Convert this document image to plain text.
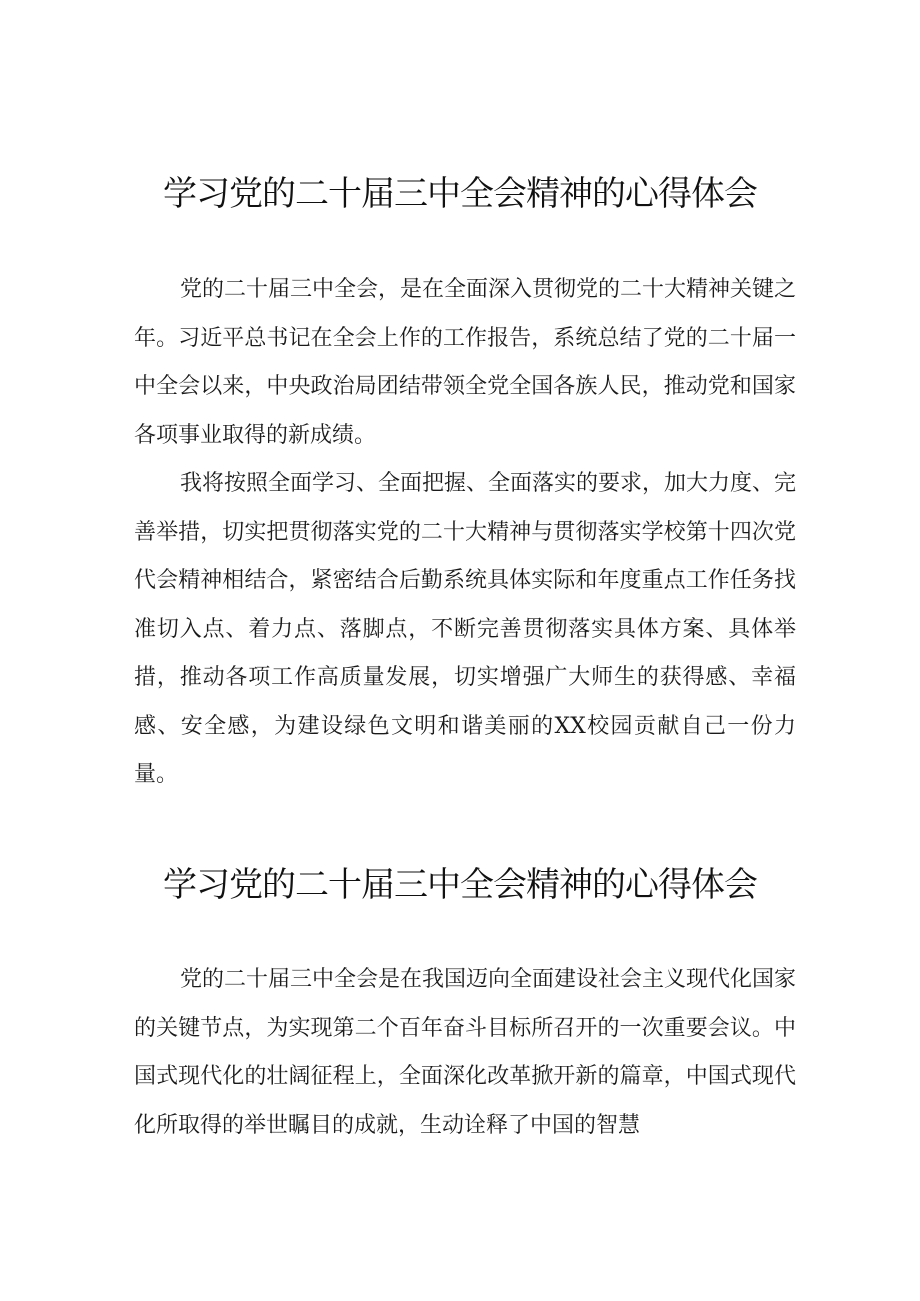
学习党的二十届三中全会精神的心得体会

党的二十届三中全会，是在全面深入贯彻党的二十大精神关键之年。习近平总书记在全会上作的工作报告，系统总结了党的二十届一中全会以来，中央政治局团结带领全党全国各族人民，推动党和国家各项事业取得的新成绩。

我将按照全面学习、全面把握、全面落实的要求，加大力度、完善举措，切实把贯彻落实党的二十大精神与贯彻落实学校第十四次党代会精神相结合，紧密结合后勤系统具体实际和年度重点工作任务找准切入点、着力点、落脚点，不断完善贯彻落实具体方案、具体举措，推动各项工作高质量发展，切实增强广大师生的获得感、幸福感、安全感，为建设绿色文明和谐美丽的XX校园贡献自己一份力量。

学习党的二十届三中全会精神的心得体会

党的二十届三中全会是在我国迈向全面建设社会主义现代化国家的关键节点，为实现第二个百年奋斗目标所召开的一次重要会议。中国式现代化的壮阔征程上，全面深化改革掀开新的篇章，中国式现代化所取得的举世瞩目的成就，生动诠释了中国的智慧
